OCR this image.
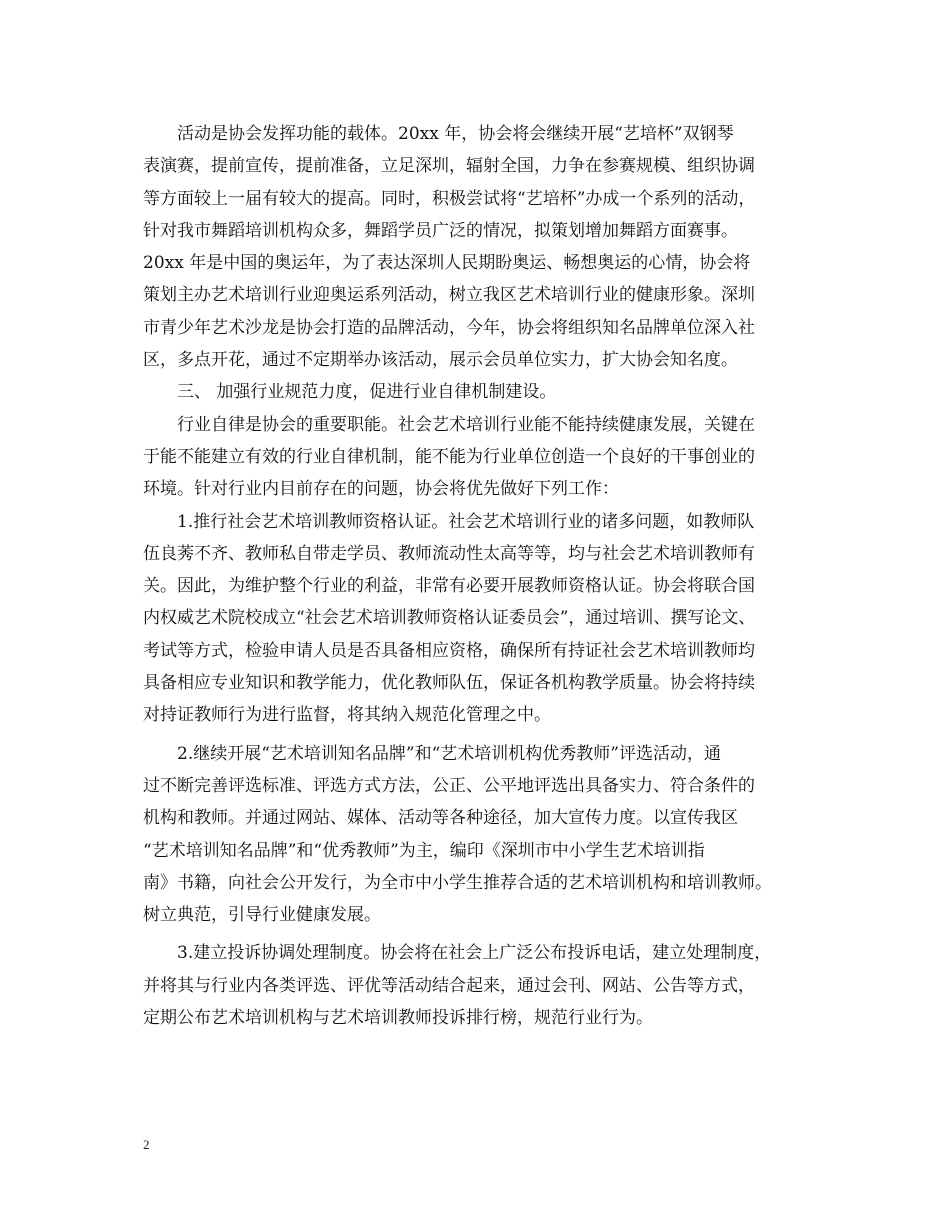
活动是协会发挥功能的载体。20xx 年，协会将会继续开展“艺培杯”双钢琴
表演赛，提前宣传，提前准备，立足深圳，辐射全国，力争在参赛规模、组织协调
等方面较上一届有较大的提高。同时，积极尝试将“艺培杯”办成一个系列的活动，
针对我市舞蹈培训机构众多，舞蹈学员广泛的情况，拟策划增加舞蹈方面赛事。
20xx 年是中国的奥运年，为了表达深圳人民期盼奥运、畅想奥运的心情，协会将
策划主办艺术培训行业迎奥运系列活动，树立我区艺术培训行业的健康形象。深圳
市青少年艺术沙龙是协会打造的品牌活动，今年，协会将组织知名品牌单位深入社
区，多点开花，通过不定期举办该活动，展示会员单位实力，扩大协会知名度。
三、 加强行业规范力度，促进行业自律机制建设。
行业自律是协会的重要职能。社会艺术培训行业能不能持续健康发展，关键在
于能不能建立有效的行业自律机制，能不能为行业单位创造一个良好的干事创业的
环境。针对行业内目前存在的问题，协会将优先做好下列工作：
1.推行社会艺术培训教师资格认证。社会艺术培训行业的诸多问题，如教师队
伍良莠不齐、教师私自带走学员、教师流动性太高等等，均与社会艺术培训教师有
关。因此，为维护整个行业的利益，非常有必要开展教师资格认证。协会将联合国
内权威艺术院校成立“社会艺术培训教师资格认证委员会”，通过培训、撰写论文、
考试等方式，检验申请人员是否具备相应资格，确保所有持证社会艺术培训教师均
具备相应专业知识和教学能力，优化教师队伍，保证各机构教学质量。协会将持续
对持证教师行为进行监督，将其纳入规范化管理之中。
2.继续开展“艺术培训知名品牌”和“艺术培训机构优秀教师”评选活动，通
过不断完善评选标准、评选方式方法，公正、公平地评选出具备实力、符合条件的
机构和教师。并通过网站、媒体、活动等各种途径，加大宣传力度。以宣传我区
“艺术培训知名品牌”和“优秀教师”为主，编印《深圳市中小学生艺术培训指
南》书籍，向社会公开发行，为全市中小学生推荐合适的艺术培训机构和培训教师。
树立典范，引导行业健康发展。
3.建立投诉协调处理制度。协会将在社会上广泛公布投诉电话，建立处理制度，
并将其与行业内各类评选、评优等活动结合起来，通过会刊、网站、公告等方式，
定期公布艺术培训机构与艺术培训教师投诉排行榜，规范行业行为。
2
